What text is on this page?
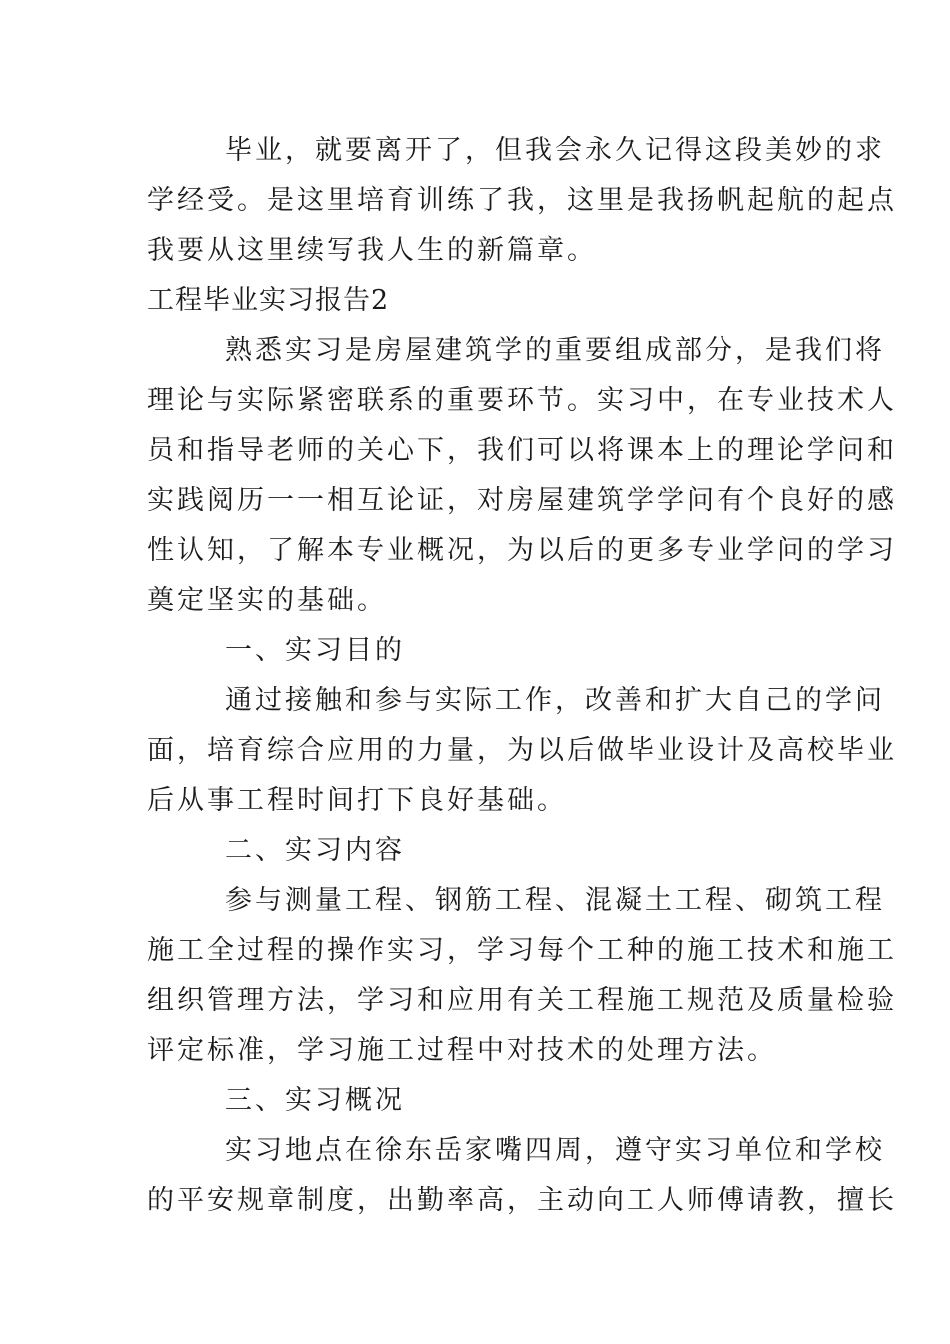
毕业，就要离开了，但我会永久记得这段美妙的求
学经受。是这里培育训练了我，这里是我扬帆起航的起点
我要从这里续写我人生的新篇章。
工程毕业实习报告2
熟悉实习是房屋建筑学的重要组成部分，是我们将
理论与实际紧密联系的重要环节。实习中，在专业技术人
员和指导老师的关心下，我们可以将课本上的理论学问和
实践阅历一一相互论证，对房屋建筑学学问有个良好的感
性认知，了解本专业概况，为以后的更多专业学问的学习
奠定坚实的基础。
一、实习目的
通过接触和参与实际工作，改善和扩大自己的学问
面，培育综合应用的力量，为以后做毕业设计及高校毕业
后从事工程时间打下良好基础。
二、实习内容
参与测量工程、钢筋工程、混凝土工程、砌筑工程
施工全过程的操作实习，学习每个工种的施工技术和施工
组织管理方法，学习和应用有关工程施工规范及质量检验
评定标准，学习施工过程中对技术的处理方法。
三、实习概况
实习地点在徐东岳家嘴四周，遵守实习单位和学校
的平安规章制度，出勤率高，主动向工人师傅请教，擅长
